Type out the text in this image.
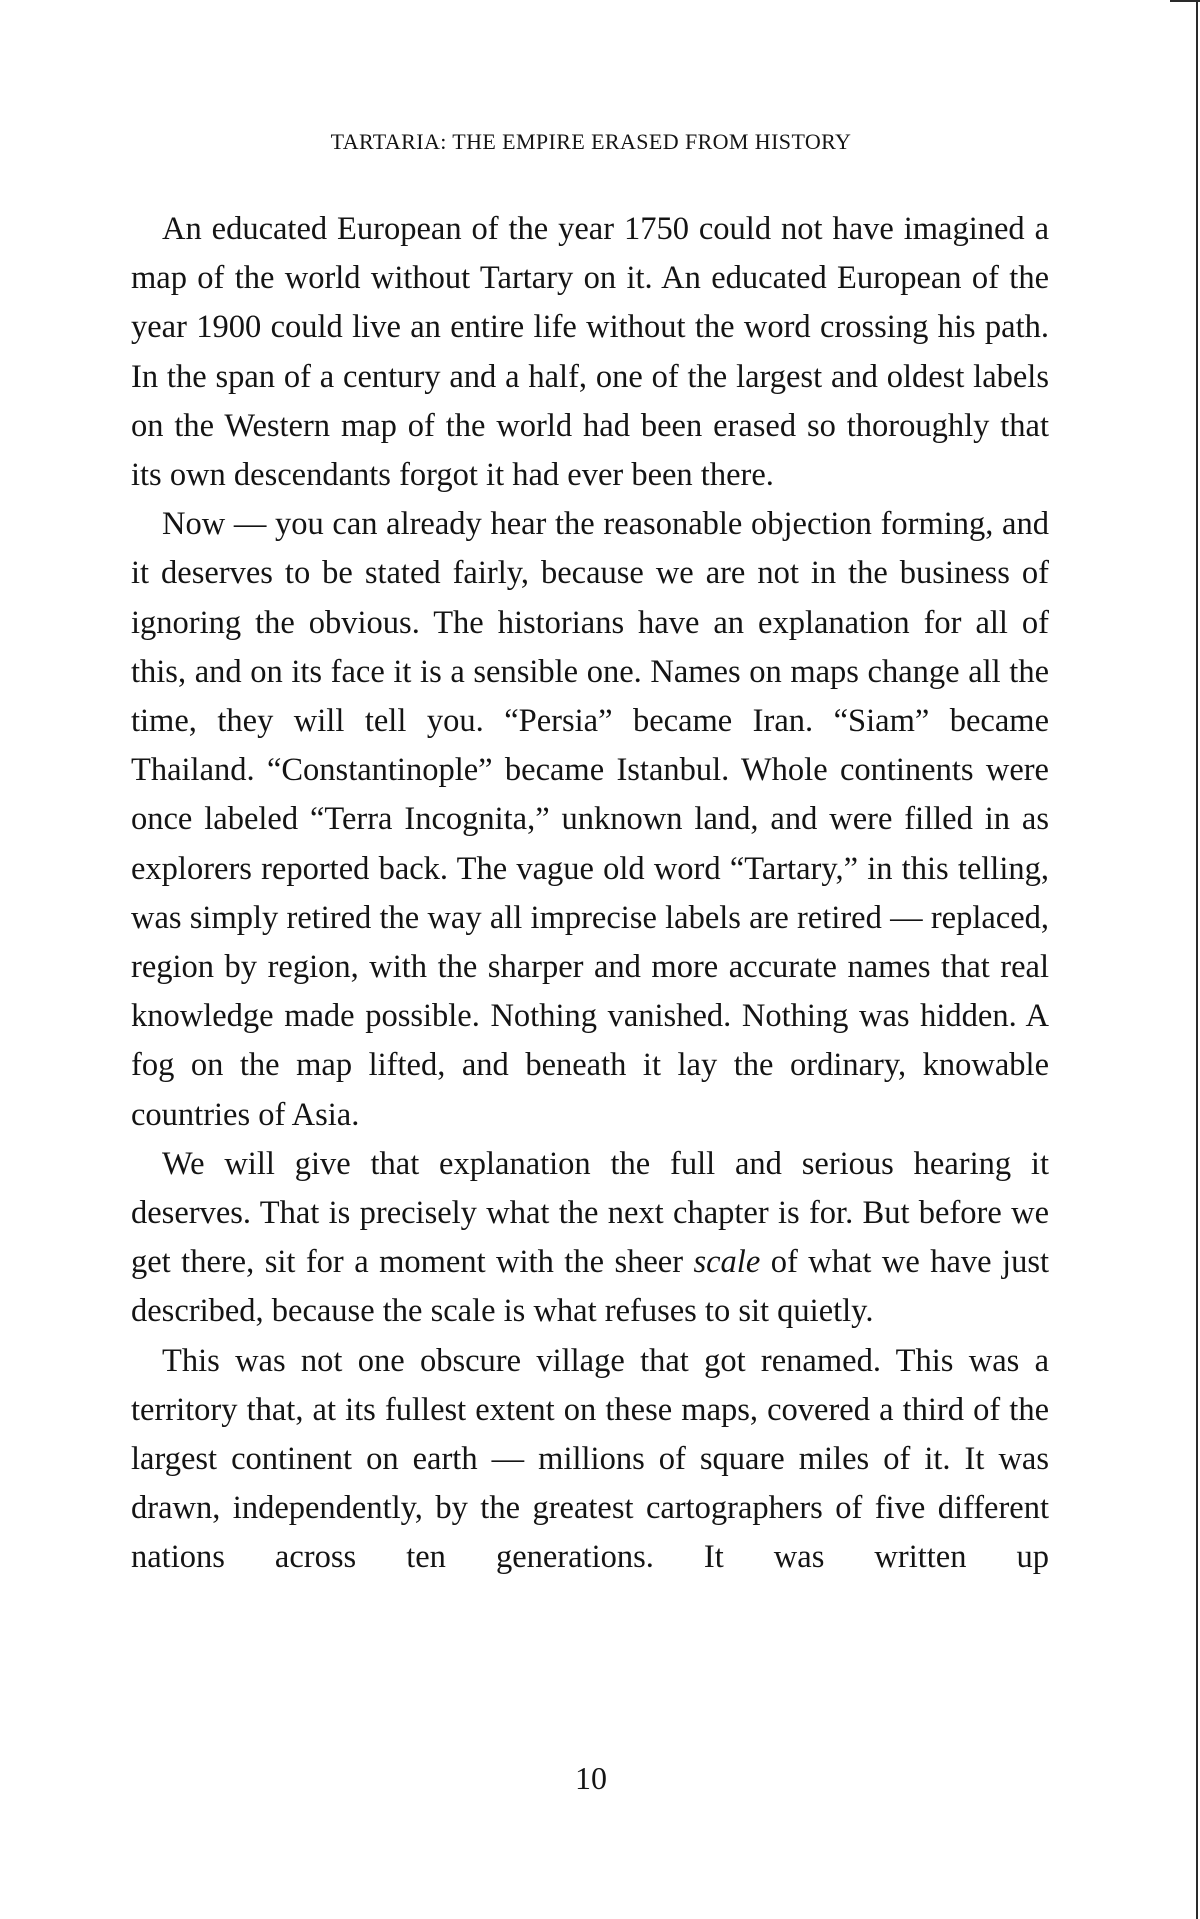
TARTARIA: THE EMPIRE ERASED FROM HISTORY

An educated European of the year 1750 could not have imagined a map of the world without Tartary on it. An educated European of the year 1900 could live an entire life without the word crossing his path. In the span of a century and a half, one of the largest and oldest labels on the Western map of the world had been erased so thoroughly that its own descendants forgot it had ever been there.

Now — you can already hear the reasonable objection forming, and it deserves to be stated fairly, because we are not in the business of ignoring the obvious. The historians have an explanation for all of this, and on its face it is a sensible one. Names on maps change all the time, they will tell you. “Persia” became Iran. “Siam” became Thailand. “Constantinople” became Istanbul. Whole continents were once labeled “Terra Incognita,” unknown land, and were filled in as explorers reported back. The vague old word “Tartary,” in this telling, was simply retired the way all imprecise labels are retired — replaced, region by region, with the sharper and more accurate names that real knowledge made possible. Nothing vanished. Nothing was hidden. A fog on the map lifted, and beneath it lay the ordinary, knowable countries of Asia.

We will give that explanation the full and serious hearing it deserves. That is precisely what the next chapter is for. But before we get there, sit for a moment with the sheer scale of what we have just described, because the scale is what refuses to sit quietly.

This was not one obscure village that got renamed. This was a territory that, at its fullest extent on these maps, covered a third of the largest continent on earth — millions of square miles of it. It was drawn, independently, by the greatest cartographers of five different nations across ten generations. It was written up

10
